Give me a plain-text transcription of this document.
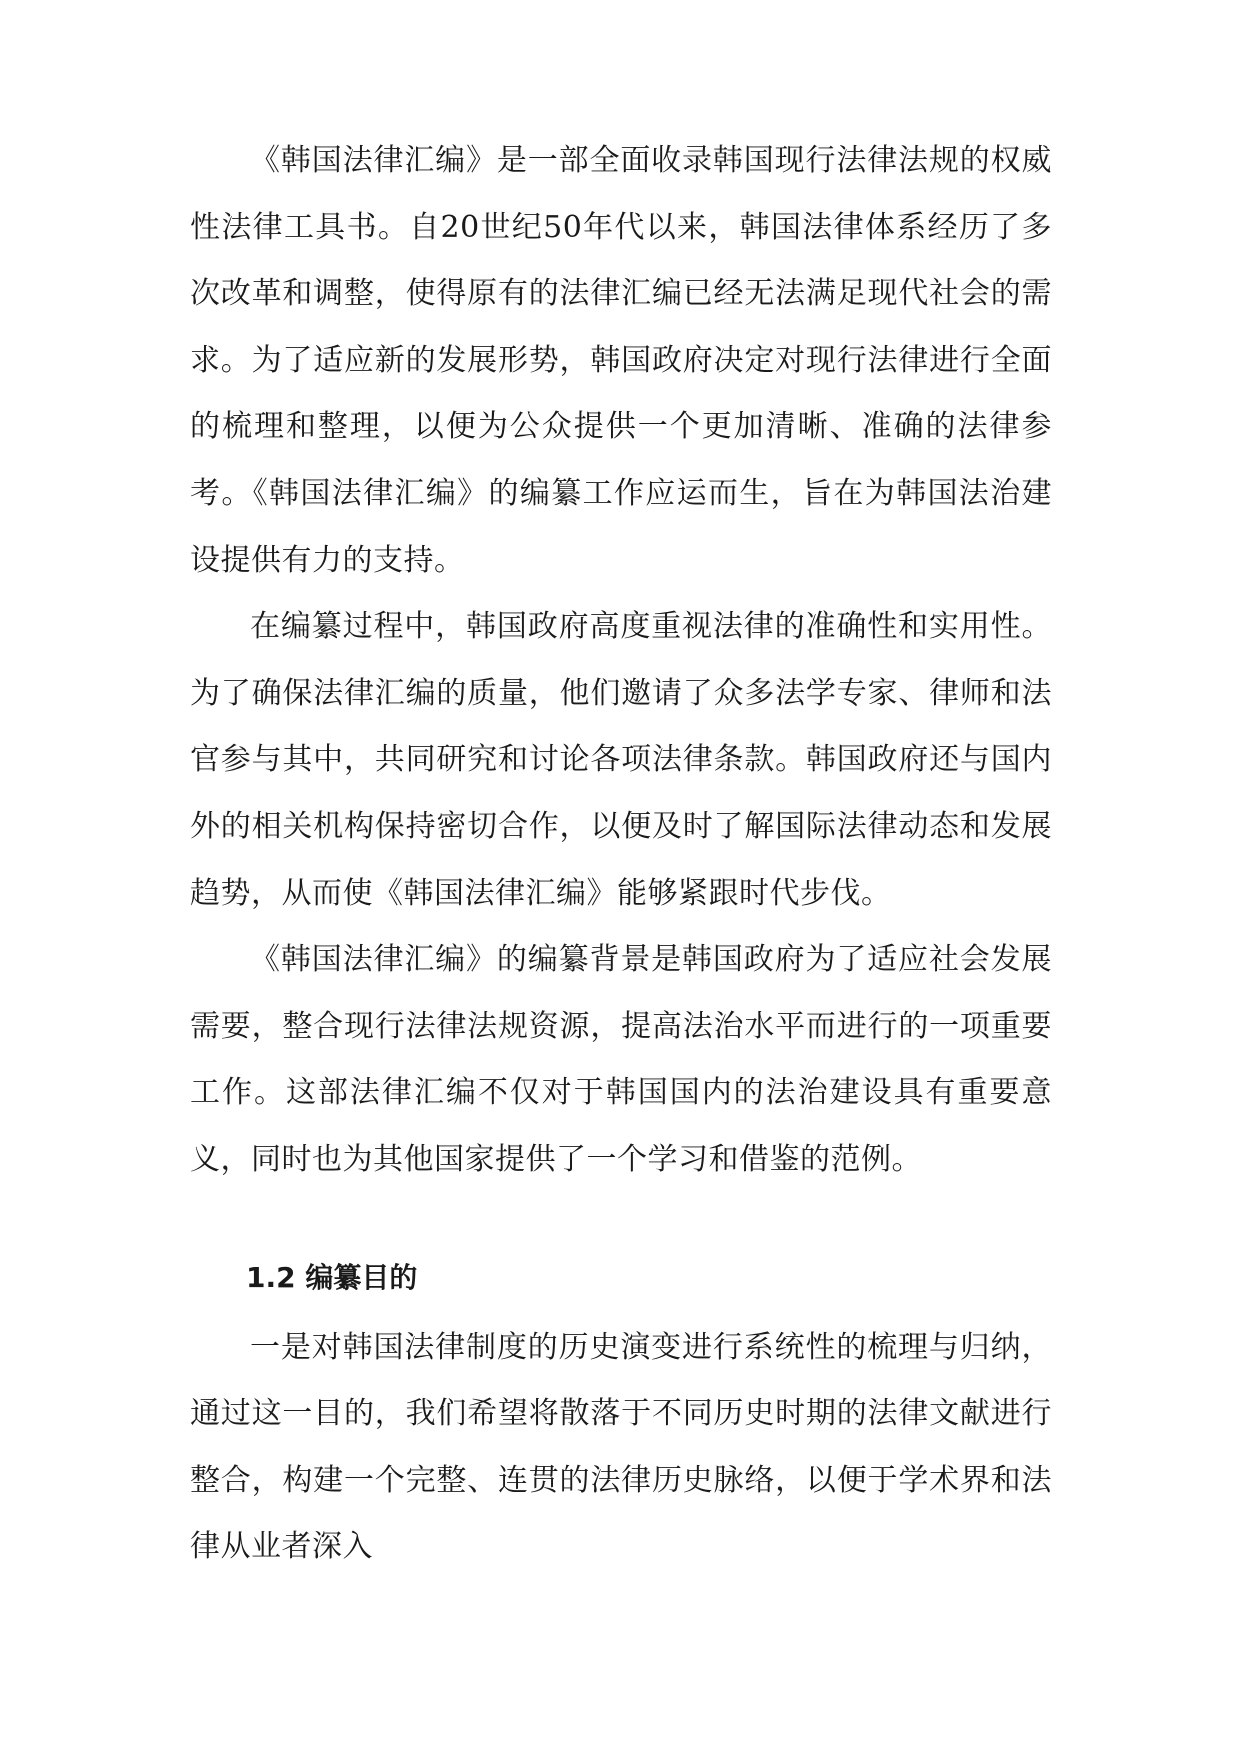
《韩国法律汇编》是一部全面收录韩国现行法律法规的权威性法律工具书。自20世纪50年代以来，韩国法律体系经历了多次改革和调整，使得原有的法律汇编已经无法满足现代社会的需求。为了适应新的发展形势，韩国政府决定对现行法律进行全面的梳理和整理，以便为公众提供一个更加清晰、准确的法律参考。《韩国法律汇编》的编纂工作应运而生，旨在为韩国法治建设提供有力的支持。

在编纂过程中，韩国政府高度重视法律的准确性和实用性。为了确保法律汇编的质量，他们邀请了众多法学专家、律师和法官参与其中，共同研究和讨论各项法律条款。韩国政府还与国内外的相关机构保持密切合作，以便及时了解国际法律动态和发展趋势，从而使《韩国法律汇编》能够紧跟时代步伐。

《韩国法律汇编》的编纂背景是韩国政府为了适应社会发展需要，整合现行法律法规资源，提高法治水平而进行的一项重要工作。这部法律汇编不仅对于韩国国内的法治建设具有重要意义，同时也为其他国家提供了一个学习和借鉴的范例。

1.2 编纂目的

一是对韩国法律制度的历史演变进行系统性的梳理与归纳，通过这一目的，我们希望将散落于不同历史时期的法律文献进行整合，构建一个完整、连贯的法律历史脉络，以便于学术界和法律从业者深入
